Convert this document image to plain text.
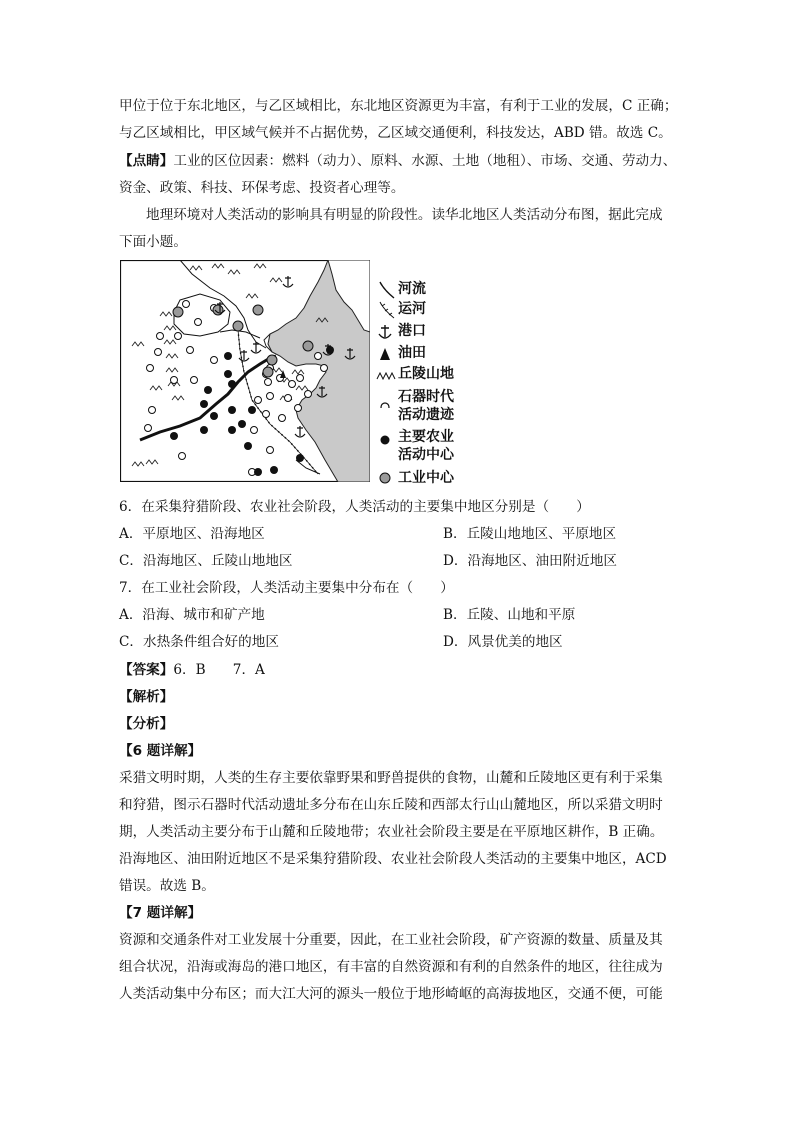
甲位于位于东北地区，与乙区域相比，东北地区资源更为丰富，有利于工业的发展，C 正确；
与乙区域相比，甲区域气候并不占据优势，乙区域交通便利，科技发达，ABD 错。故选 C。
【点睛】工业的区位因素：燃料（动力）、原料、水源、土地（地租）、市场、交通、劳动力、
资金、政策、科技、环保考虑、投资者心理等。
地理环境对人类活动的影响具有明显的阶段性。读华北地区人类活动分布图，据此完成
下面小题。
河流
运河
港口
油田
丘陵山地
石器时代
活动遗迹
主要农业
活动中心
工业中心
6．在采集狩猎阶段、农业社会阶段，人类活动的主要集中地区分别是（　　）
A．平原地区、沿海地区	B．丘陵山地地区、平原地区
C．沿海地区、丘陵山地地区	D．沿海地区、油田附近地区
7．在工业社会阶段，人类活动主要集中分布在（　　）
A．沿海、城市和矿产地	B．丘陵、山地和平原
C．水热条件组合好的地区	D．风景优美的地区
【答案】6．B　　7．A
【解析】
【分析】
【6 题详解】
采猎文明时期，人类的生存主要依靠野果和野兽提供的食物，山麓和丘陵地区更有利于采集
和狩猎，图示石器时代活动遗址多分布在山东丘陵和西部太行山山麓地区，所以采猎文明时
期，人类活动主要分布于山麓和丘陵地带；农业社会阶段主要是在平原地区耕作，B 正确。
沿海地区、油田附近地区不是采集狩猎阶段、农业社会阶段人类活动的主要集中地区，ACD
错误。故选 B。
【7 题详解】
资源和交通条件对工业发展十分重要，因此，在工业社会阶段，矿产资源的数量、质量及其
组合状况，沿海或海岛的港口地区，有丰富的自然资源和有利的自然条件的地区，往往成为
人类活动集中分布区；而大江大河的源头一般位于地形崎岖的高海拔地区，交通不便，可能
